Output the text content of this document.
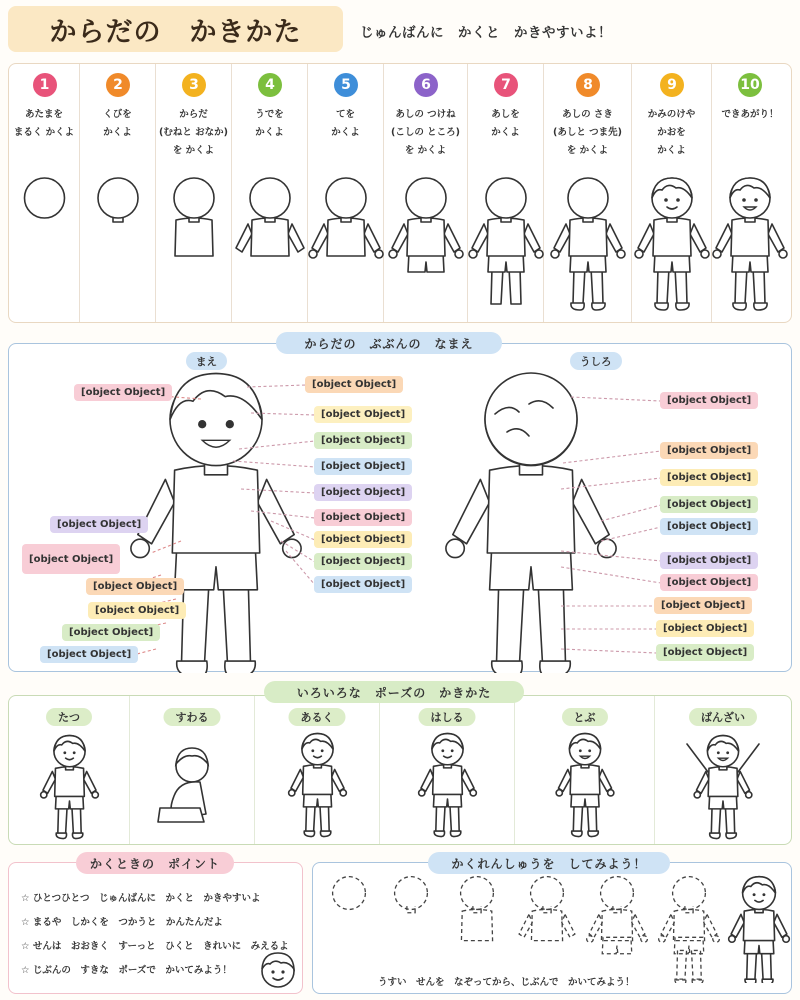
からだの　かきかた	じゅんばんに　かくと　かきやすいよ！
1
あたまを
まるく かくよ
2
くびを
かくよ
3
からだ
(むねと おなか)
を かくよ
4
うでを
かくよ
5
てを
かくよ
6
あしの つけね
(こしの ところ)
を かくよ
7
あしを
かくよ
8
あしの さき
(あしと つま先)
を かくよ
9
かみのけや
かおを
かくよ
10
できあがり！
からだの　ぶぶんの　なまえ
まえ	うしろ
[object Object]
[object Object]
[object Object]
[object Object]
[object Object]
[object Object]
[object Object]
[object Object]
[object Object]
[object Object]
[object Object]
[object Object]
[object Object]
[object Object]
[object Object]
[object Object]
[object Object]
[object Object]
[object Object]
[object Object]
[object Object]
[object Object]
[object Object]
[object Object]
[object Object]
[object Object]
たつ	すわる	あるく	はしる	とぶ	ばんざい
いろいろな　ポーズの　かきかた
☆ ひとつひとつ　じゅんばんに　かくと　かきやすいよ
☆ まるや　しかくを　つかうと　かんたんだよ
☆ せんは　おおきく　すーっと　ひくと　きれいに　みえるよ
☆ じぶんの　すきな　ポーズで　かいてみよう！
かくときの　ポイント
うすい　せんを　なぞってから、じぶんで　かいてみよう！
かくれんしゅうを　してみよう！
